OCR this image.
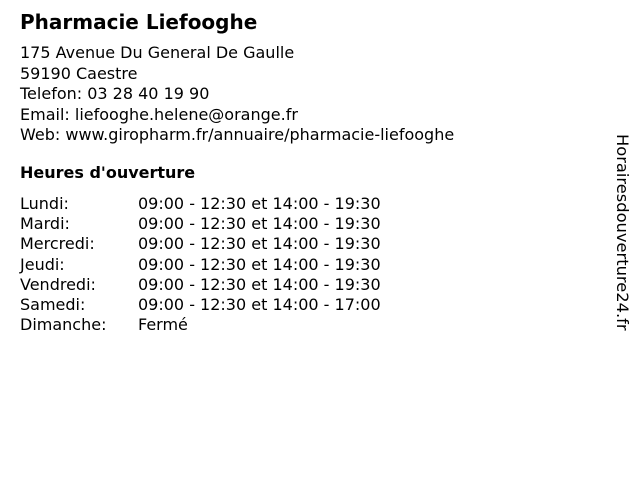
Pharmacie Liefooghe
175 Avenue Du General De Gaulle
59190 Caestre
Telefon: 03 28 40 19 90
Email: liefooghe.helene@orange.fr
Web: www.giropharm.fr/annuaire/pharmacie-liefooghe
Heures d'ouverture
Lundi:	09:00 - 12:30 et 14:00 - 19:30
Mardi:	09:00 - 12:30 et 14:00 - 19:30
Mercredi:	09:00 - 12:30 et 14:00 - 19:30
Jeudi:	09:00 - 12:30 et 14:00 - 19:30
Vendredi:	09:00 - 12:30 et 14:00 - 19:30
Samedi:	09:00 - 12:30 et 14:00 - 17:00
Dimanche: Fermé	Horairesdouverture24.fr
